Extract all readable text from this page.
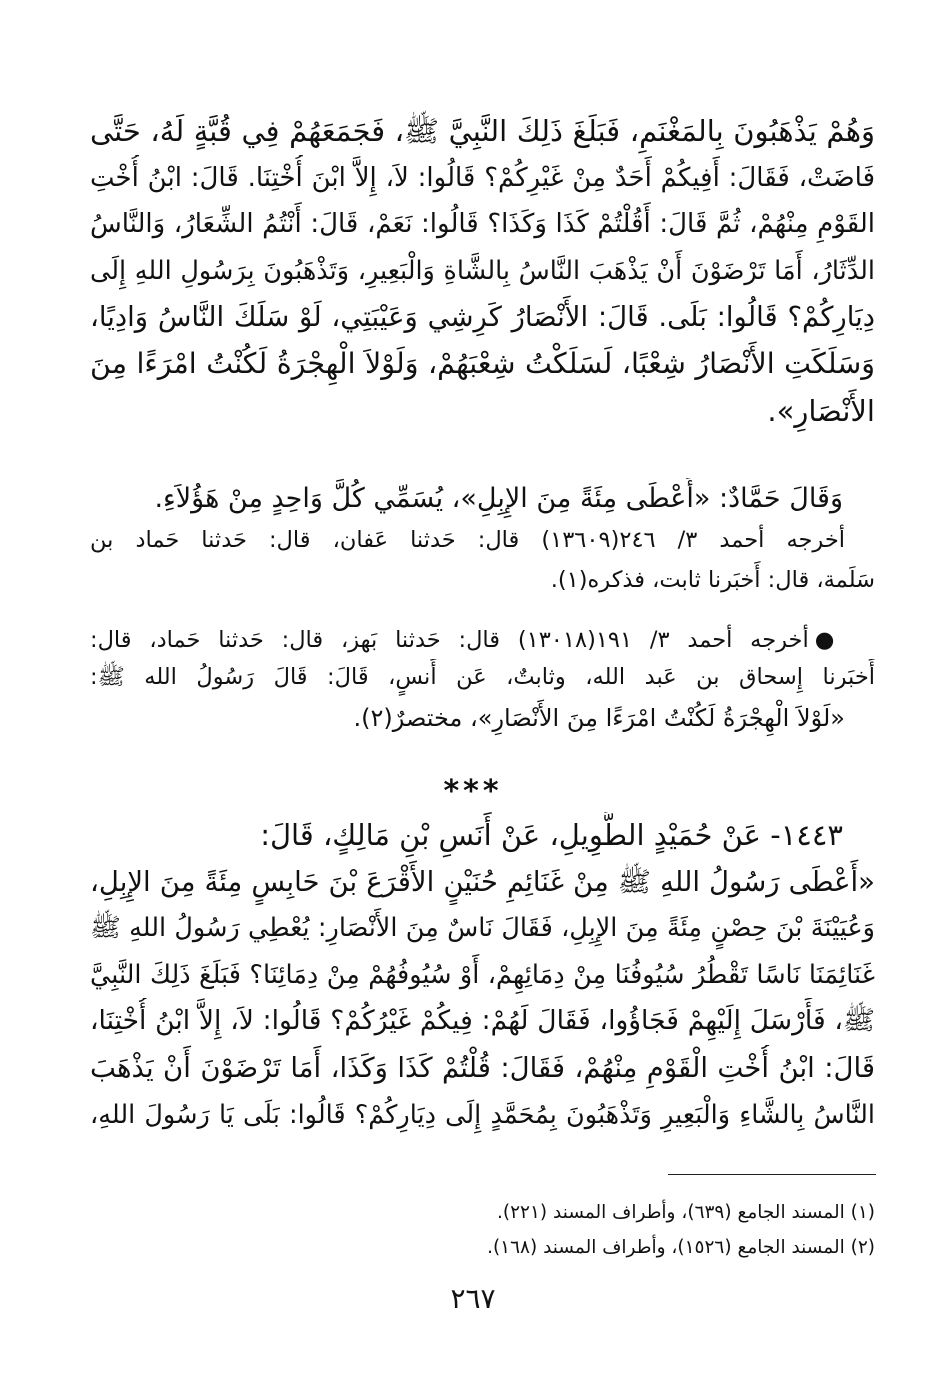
وَهُمْ يَذْهَبُونَ بِالمَغْنَمِ، فَبَلَغَ ذَلِكَ النَّبِيَّ ﷺ، فَجَمَعَهُمْ فِي قُبَّةٍ لَهُ، حَتَّى
فَاضَتْ، فَقَالَ: أَفِيكُمْ أَحَدٌ مِنْ غَيْرِكُمْ؟ قَالُوا: لاَ، إِلاَّ ابْنَ أُخْتِنَا. قَالَ: ابْنُ أُخْتِ
القَوْمِ مِنْهُمْ، ثُمَّ قَالَ: أَقُلْتُمْ كَذَا وَكَذَا؟ قَالُوا: نَعَمْ، قَالَ: أَنْتُمُ الشِّعَارُ، وَالنَّاسُ
الدِّثَارُ، أَمَا تَرْضَوْنَ أَنْ يَذْهَبَ النَّاسُ بِالشَّاةِ وَالْبَعِيرِ، وَتَذْهَبُونَ بِرَسُولِ اللهِ إِلَى
دِيَارِكُمْ؟ قَالُوا: بَلَى. قَالَ: الأَنْصَارُ كَرِشِي وَعَيْبَتِي، لَوْ سَلَكَ النَّاسُ وَادِيًا،
وَسَلَكَتِ الأَنْصَارُ شِعْبًا، لَسَلَكْتُ شِعْبَهُمْ، وَلَوْلاَ الْهِجْرَةُ لَكُنْتُ امْرَءًا مِنَ
الأَنْصَارِ».
وَقَالَ حَمَّادٌ: «أَعْطَى مِئَةً مِنَ الإِبِلِ»، يُسَمِّي كُلَّ وَاحِدٍ مِنْ هَؤُلاَءِ.
أخرجه أحمد ٣/ ٢٤٦(١٣٦٠٩) قال: حَدثنا عَفان، قال: حَدثنا حَماد بن
سَلَمة، قال: أَخبَرنا ثابت، فذكره(١).
●أخرجه أحمد ٣/ ١٩١(١٣٠١٨) قال: حَدثنا بَهز، قال: حَدثنا حَماد، قال:
أَخبَرنا إِسحاق بن عَبد الله، وثابتٌ، عَن أَنسٍ، قَالَ: قَالَ رَسُولُ الله ﷺ:
«لَوْلاَ الْهِجْرَةُ لَكُنْتُ امْرَءًا مِنَ الأَنْصَارِ»، مختصرٌ(٢).
***
١٤٤٣- عَنْ حُمَيْدٍ الطَّوِيلِ، عَنْ أَنَسِ بْنِ مَالِكٍ، قَالَ:
«أَعْطَى رَسُولُ اللهِ ﷺ مِنْ غَنَائِمِ حُنَيْنٍ الأَقْرَعَ بْنَ حَابِسٍ مِئَةً مِنَ الإِبِلِ،
وَعُيَيْنَةَ بْنَ حِصْنٍ مِئَةً مِنَ الإِبِلِ، فَقَالَ نَاسٌ مِنَ الأَنْصَارِ: يُعْطِي رَسُولُ اللهِ ﷺ
غَنَائِمَنَا نَاسًا تَقْطُرُ سُيُوفُنَا مِنْ دِمَائِهِمْ، أَوْ سُيُوفُهُمْ مِنْ دِمَائِنَا؟ فَبَلَغَ ذَلِكَ النَّبِيَّ
ﷺ، فَأَرْسَلَ إِلَيْهِمْ فَجَاؤُوا، فَقَالَ لَهُمْ: فِيكُمْ غَيْرُكُمْ؟ قَالُوا: لاَ، إِلاَّ ابْنُ أُخْتِنَا،
قَالَ: ابْنُ أُخْتِ الْقَوْمِ مِنْهُمْ، فَقَالَ: قُلْتُمْ كَذَا وَكَذَا، أَمَا تَرْضَوْنَ أَنْ يَذْهَبَ
النَّاسُ بِالشَّاءِ وَالْبَعِيرِ وَتَذْهَبُونَ بِمُحَمَّدٍ إِلَى دِيَارِكُمْ؟ قَالُوا: بَلَى يَا رَسُولَ اللهِ،
(١) المسند الجامع (٦٣٩)، وأطراف المسند (٢٢١).
(٢) المسند الجامع (١٥٢٦)، وأطراف المسند (١٦٨).
٢٦٧
